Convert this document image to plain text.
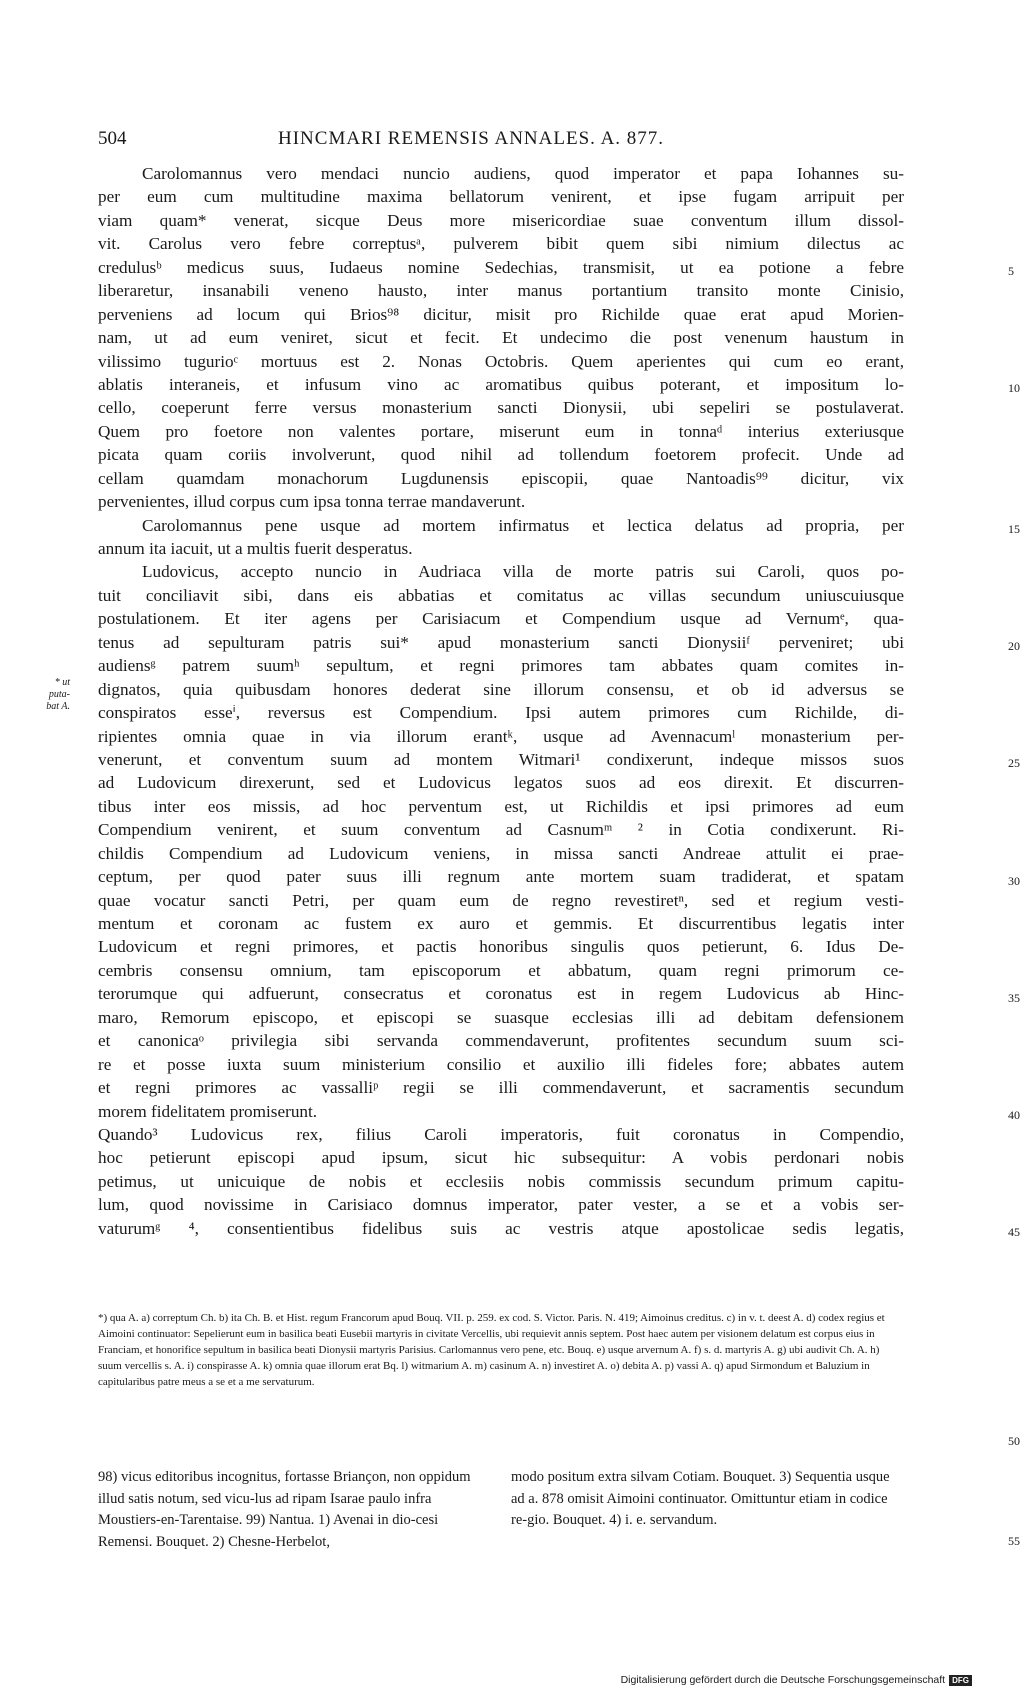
504	HINCMARI REMENSIS ANNALES. A. 877.
* ut
puta-
bat A.
5
10
15
20
25
30
35
40
45
50
55
Carolomannus vero mendaci nuncio audiens, quod imperator et papa Iohannes su-
per eum cum multitudine maxima bellatorum venirent, et ipse fugam arripuit per
viam quam* venerat, sicque Deus more misericordiae suae conventum illum dissol-
vit. Carolus vero febre correptusᵃ, pulverem bibit quem sibi nimium dilectus ac
credulusᵇ medicus suus, Iudaeus nomine Sedechias, transmisit, ut ea potione a febre
liberaretur, insanabili veneno hausto, inter manus portantium transito monte Cinisio,
perveniens ad locum qui Brios⁹⁸ dicitur, misit pro Richilde quae erat apud Morien-
nam, ut ad eum veniret, sicut et fecit. Et undecimo die post venenum haustum in
vilissimo tugurioᶜ mortuus est 2. Nonas Octobris. Quem aperientes qui cum eo erant,
ablatis interaneis, et infusum vino ac aromatibus quibus poterant, et impositum lo-
cello, coeperunt ferre versus monasterium sancti Dionysii, ubi sepeliri se postulaverat.
Quem pro foetore non valentes portare, miserunt eum in tonnaᵈ interius exteriusque
picata quam coriis involverunt, quod nihil ad tollendum foetorem profecit. Unde ad
cellam quamdam monachorum Lugdunensis episcopii, quae Nantoadis⁹⁹ dicitur, vix
pervenientes, illud corpus cum ipsa tonna terrae mandaverunt.
Carolomannus pene usque ad mortem infirmatus et lectica delatus ad propria, per
annum ita iacuit, ut a multis fuerit desperatus.
Ludovicus, accepto nuncio in Audriaca villa de morte patris sui Caroli, quos po-
tuit conciliavit sibi, dans eis abbatias et comitatus ac villas secundum uniuscuiusque
postulationem. Et iter agens per Carisiacum et Compendium usque ad Vernumᵉ, qua-
tenus ad sepulturam patris sui* apud monasterium sancti Dionysiiᶠ perveniret; ubi
audiensᵍ patrem suumʰ sepultum, et regni primores tam abbates quam comites in-
dignatos, quia quibusdam honores dederat sine illorum consensu, et ob id adversus se
conspiratos esseⁱ, reversus est Compendium. Ipsi autem primores cum Richilde, di-
ripientes omnia quae in via illorum erantᵏ, usque ad Avennacumˡ monasterium per-
venerunt, et conventum suum ad montem Witmari¹ condixerunt, indeque missos suos
ad Ludovicum direxerunt, sed et Ludovicus legatos suos ad eos direxit. Et discurren-
tibus inter eos missis, ad hoc perventum est, ut Richildis et ipsi primores ad eum
Compendium venirent, et suum conventum ad Casnumᵐ ² in Cotia condixerunt. Ri-
childis Compendium ad Ludovicum veniens, in missa sancti Andreae attulit ei prae-
ceptum, per quod pater suus illi regnum ante mortem suam tradiderat, et spatam
quae vocatur sancti Petri, per quam eum de regno revestiretⁿ, sed et regium vesti-
mentum et coronam ac fustem ex auro et gemmis. Et discurrentibus legatis inter
Ludovicum et regni primores, et pactis honoribus singulis quos petierunt, 6. Idus De-
cembris consensu omnium, tam episcoporum et abbatum, quam regni primorum ce-
terorumque qui adfuerunt, consecratus et coronatus est in regem Ludovicus ab Hinc-
maro, Remorum episcopo, et episcopi se suasque ecclesias illi ad debitam defensionem
et canonicaᵒ privilegia sibi servanda commendaverunt, profitentes secundum suum sci-
re et posse iuxta suum ministerium consilio et auxilio illi fideles fore; abbates autem
et regni primores ac vassalliᵖ regii se illi commendaverunt, et sacramentis secundum
morem fidelitatem promiserunt.
Quando³ Ludovicus rex, filius Caroli imperatoris, fuit coronatus in Compendio,
hoc petierunt episcopi apud ipsum, sicut hic subsequitur: A vobis perdonari nobis
petimus, ut unicuique de nobis et ecclesiis nobis commissis secundum primum capitu-
lum, quod novissime in Carisiaco domnus imperator, pater vester, a se et a vobis ser-
vaturumᵍ ⁴, consentientibus fidelibus suis ac vestris atque apostolicae sedis legatis,
*) qua A. a) correptum Ch. b) ita Ch. B. et Hist. regum Francorum apud Bouq. VII. p. 259. ex cod. S. Victor. Paris. N. 419; Aimoinus creditus. c) in v. t. deest A. d) codex regius et Aimoini continuator: Sepelierunt eum in basilica beati Eusebii martyris in civitate Vercellis, ubi requievit annis septem. Post haec autem per visionem delatum est corpus eius in Franciam, et honorifice sepultum in basilica beati Dionysii martyris Parisius. Carlomannus vero pene, etc. Bouq. e) usque arvernum A. f) s. d. martyris A. g) ubi audivit Ch. A. h) suum vercellis s. A. i) conspirasse A. k) omnia quae illorum erat Bq. l) witmarium A. m) casinum A. n) investiret A. o) debita A. p) vassi A. q) apud Sirmondum et Baluzium in capitularibus patre meus a se et a me servaturum.
98) vicus editoribus incognitus, fortasse Briançon, non oppidum illud satis notum, sed vicu-lus ad ripam Isarae paulo infra Moustiers-en-Tarentaise. 99) Nantua. 1) Avenai in dio-cesi Remensi. Bouquet. 2) Chesne-Herbelot,
modo positum extra silvam Cotiam. Bouquet. 3) Sequentia usque ad a. 878 omisit Aimoini continuator. Omittuntur etiam in codice re-gio. Bouquet. 4) i. e. servandum.
Digitalisierung gefördert durch die Deutsche Forschungsgemeinschaft DFG
